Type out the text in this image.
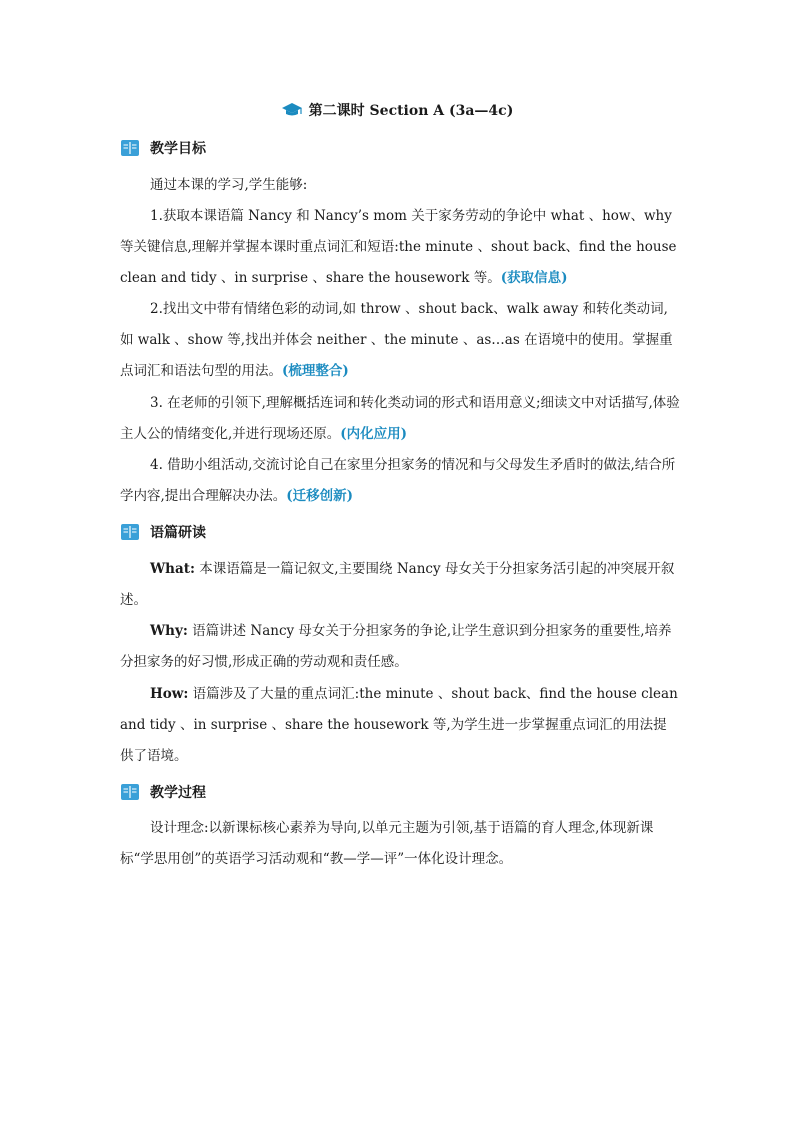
第二课时 Section A (3a—4c)
教学目标

通过本课的学习,学生能够:

1.获取本课语篇 Nancy 和 Nancy’s mom 关于家务劳动的争论中 what 、how、why 等关键信息,理解并掌握本课时重点词汇和短语:the minute 、shout back、find the house clean and tidy 、in surprise 、share the housework 等。(获取信息)

2.找出文中带有情绪色彩的动词,如 throw 、shout back、walk away 和转化类动词,如 walk 、show 等,找出并体会 neither 、the minute 、as…as 在语境中的使用。掌握重点词汇和语法句型的用法。(梳理整合)

3. 在老师的引领下,理解概括连词和转化类动词的形式和语用意义;细读文中对话描写,体验主人公的情绪变化,并进行现场还原。(内化应用)

4. 借助小组活动,交流讨论自己在家里分担家务的情况和与父母发生矛盾时的做法,结合所学内容,提出合理解决办法。(迁移创新)

语篇研读

What: 本课语篇是一篇记叙文,主要围绕 Nancy 母女关于分担家务活引起的冲突展开叙述。

Why: 语篇讲述 Nancy 母女关于分担家务的争论,让学生意识到分担家务的重要性,培养分担家务的好习惯,形成正确的劳动观和责任感。

How: 语篇涉及了大量的重点词汇:the minute 、shout back、find the house clean and tidy 、in surprise 、share the housework 等,为学生进一步掌握重点词汇的用法提供了语境。

教学过程

设计理念:以新课标核心素养为导向,以单元主题为引领,基于语篇的育人理念,体现新课标“学思用创”的英语学习活动观和“教—学—评”一体化设计理念。
